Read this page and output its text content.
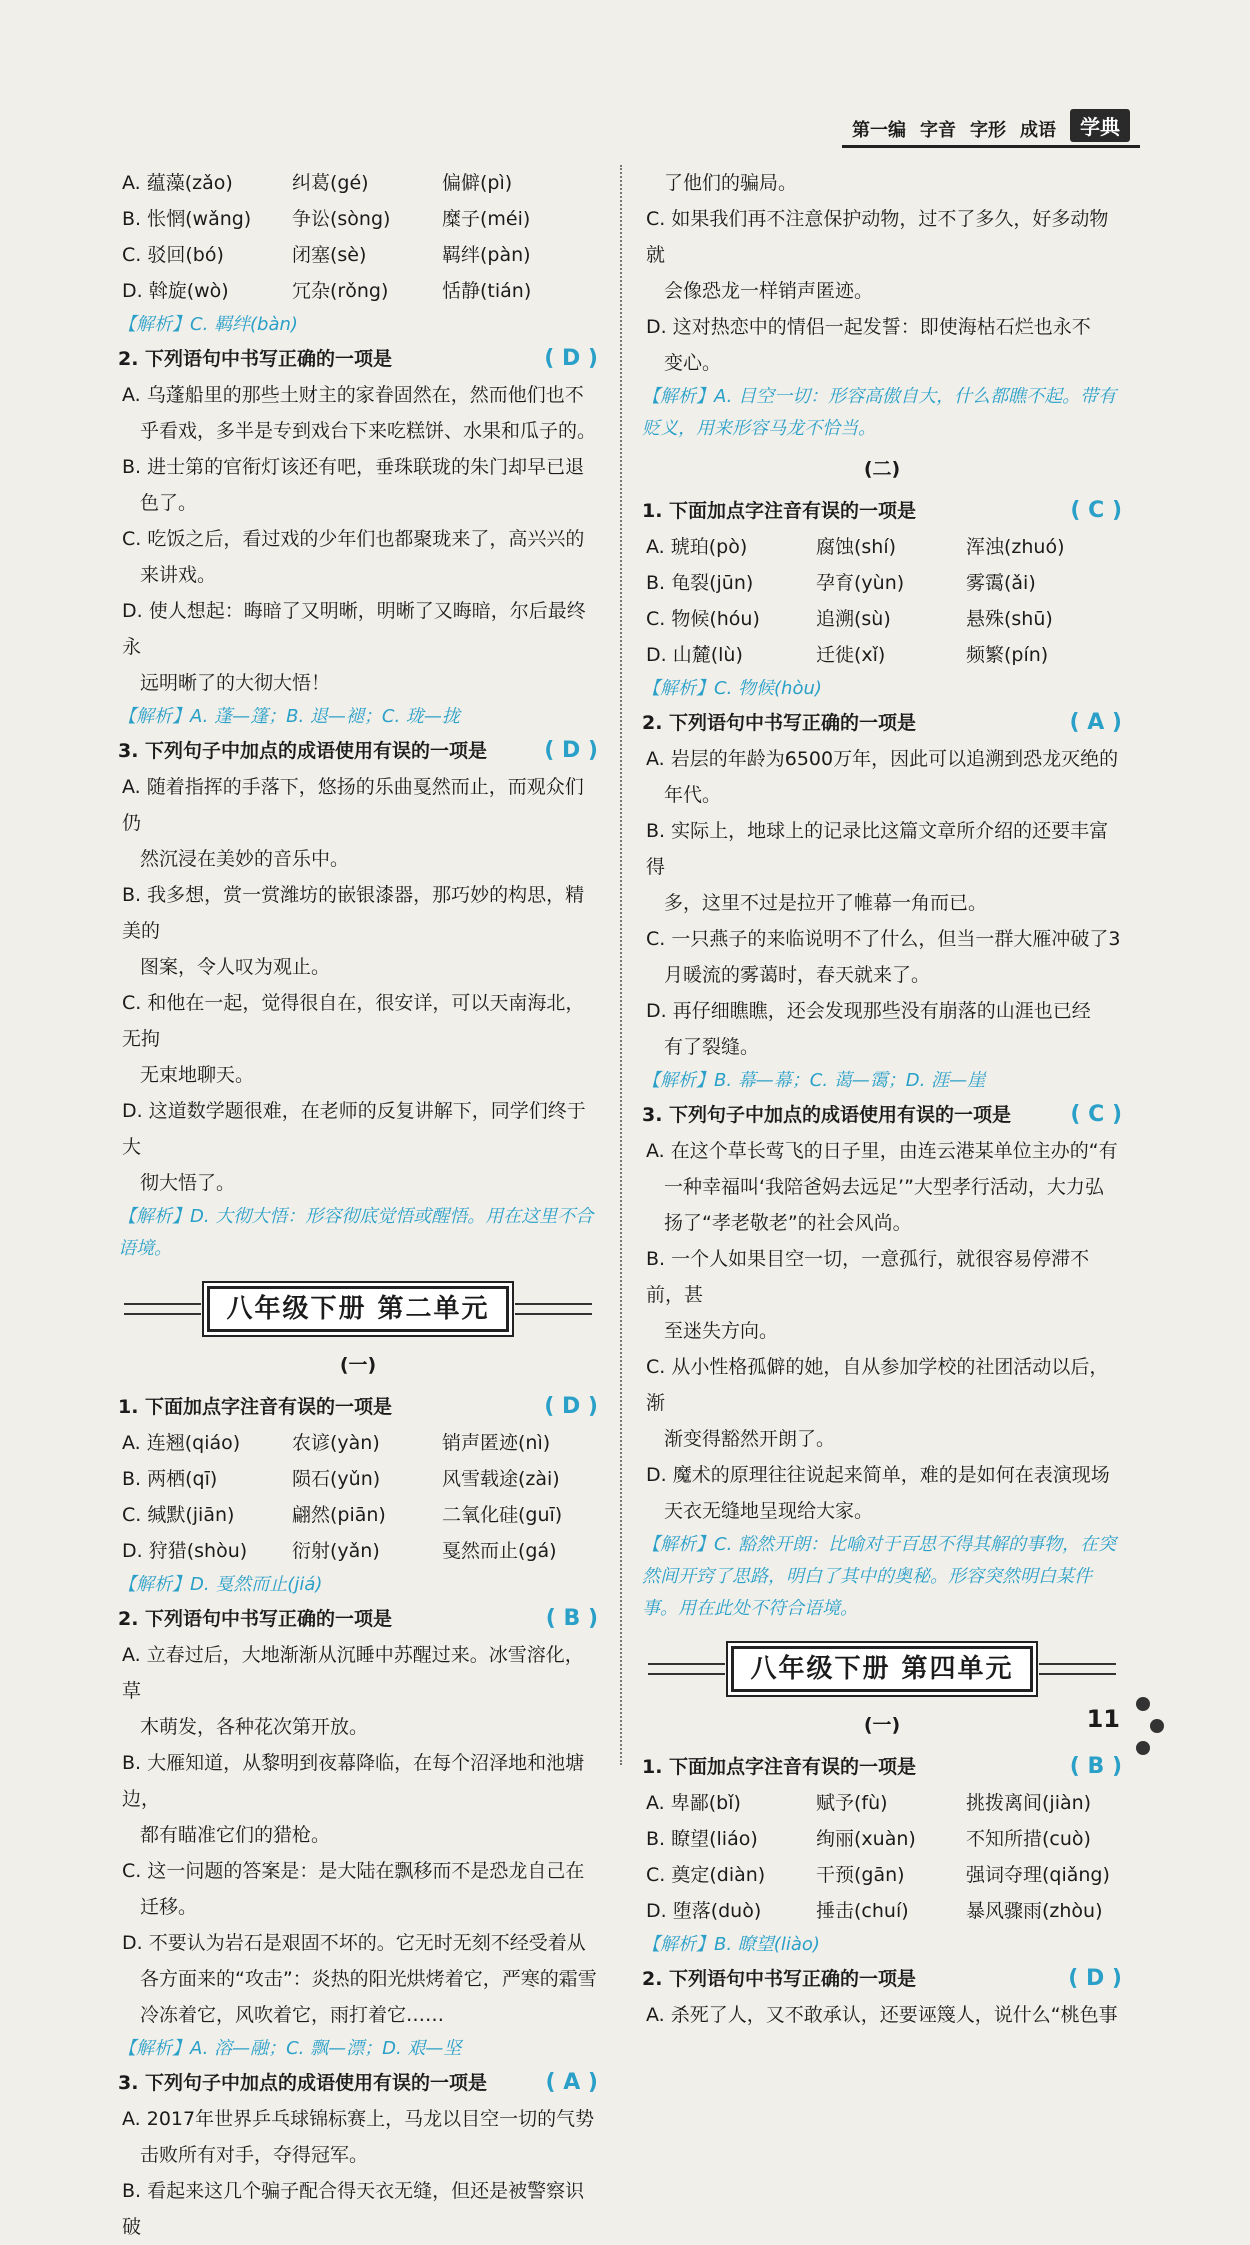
第一编 字音 字形 成语	学典
A. 蕴藻(zǎo)	纠葛(gé)	偏僻(pì)
B. 怅惘(wǎng)	争讼(sòng)	糜子(méi)
C. 驳回(bó)	闭塞(sè)	羁绊(pàn)
D. 斡旋(wò)	冗杂(rǒng)	恬静(tián)
【解析】C. 羁绊(bàn)
2. 下列语句中书写正确的一项是	( D )
A. 乌蓬船里的那些土财主的家眷固然在，然而他们也不
乎看戏，多半是专到戏台下来吃糕饼、水果和瓜子的。
B. 进士第的官衔灯该还有吧，垂珠联珑的朱门却早已退
色了。
C. 吃饭之后，看过戏的少年们也都聚珑来了，高兴兴的
来讲戏。
D. 使人想起：晦暗了又明晰，明晰了又晦暗，尔后最终永
远明晰了的大彻大悟！
【解析】A. 蓬—篷；B. 退—褪；C. 珑—拢
3. 下列句子中加点的成语使用有误的一项是	( D )
A. 随着指挥的手落下，悠扬的乐曲戛然而止，而观众们仍
然沉浸在美妙的音乐中。
B. 我多想，赏一赏潍坊的嵌银漆器，那巧妙的构思，精美的
图案，令人叹为观止。
C. 和他在一起，觉得很自在，很安详，可以天南海北，无拘
无束地聊天。
D. 这道数学题很难，在老师的反复讲解下，同学们终于大
彻大悟了。
【解析】D. 大彻大悟：形容彻底觉悟或醒悟。用在这里不合语境。
八年级下册 第二单元
(一)
1. 下面加点字注音有误的一项是	( D )
A. 连翘(qiáo)	农谚(yàn)	销声匿迹(nì)
B. 两栖(qī)	陨石(yǔn)	风雪载途(zài)
C. 缄默(jiān)	翩然(piān)	二氧化硅(guī)
D. 狩猎(shòu)	衍射(yǎn)	戛然而止(gá)
【解析】D. 戛然而止(jiá)
2. 下列语句中书写正确的一项是	( B )
A. 立春过后，大地渐渐从沉睡中苏醒过来。冰雪溶化，草
木萌发，各种花次第开放。
B. 大雁知道，从黎明到夜幕降临，在每个沼泽地和池塘边，
都有瞄准它们的猎枪。
C. 这一问题的答案是：是大陆在飘移而不是恐龙自己在
迁移。
D. 不要认为岩石是艰固不坏的。它无时无刻不经受着从
各方面来的“攻击”：炎热的阳光烘烤着它，严寒的霜雪
冷冻着它，风吹着它，雨打着它……
【解析】A. 溶—融；C. 飘—漂；D. 艰—坚
3. 下列句子中加点的成语使用有误的一项是	( A )
A. 2017年世界乒乓球锦标赛上，马龙以目空一切的气势
击败所有对手，夺得冠军。
B. 看起来这几个骗子配合得天衣无缝，但还是被警察识破
了他们的骗局。
C. 如果我们再不注意保护动物，过不了多久，好多动物就
会像恐龙一样销声匿迹。
D. 这对热恋中的情侣一起发誓：即使海枯石烂也永不
变心。
【解析】A. 目空一切：形容高傲自大，什么都瞧不起。带有贬义，用来形容马龙不恰当。
(二)
1. 下面加点字注音有误的一项是	( C )
A. 琥珀(pò)	腐蚀(shí)	浑浊(zhuó)
B. 龟裂(jūn)	孕育(yùn)	雾霭(ǎi)
C. 物候(hóu)	追溯(sù)	悬殊(shū)
D. 山麓(lù)	迁徙(xǐ)	频繁(pín)
【解析】C. 物候(hòu)
2. 下列语句中书写正确的一项是	( A )
A. 岩层的年龄为6500万年，因此可以追溯到恐龙灭绝的
年代。
B. 实际上，地球上的记录比这篇文章所介绍的还要丰富得
多，这里不过是拉开了帷幕一角而已。
C. 一只燕子的来临说明不了什么，但当一群大雁冲破了3
月暖流的雾蔼时，春天就来了。
D. 再仔细瞧瞧，还会发现那些没有崩落的山涯也已经
有了裂缝。
【解析】B. 幕—幕；C. 蔼—霭；D. 涯—崖
3. 下列句子中加点的成语使用有误的一项是	( C )
A. 在这个草长莺飞的日子里，由连云港某单位主办的“有
一种幸福叫‘我陪爸妈去远足’”大型孝行活动，大力弘
扬了“孝老敬老”的社会风尚。
B. 一个人如果目空一切，一意孤行，就很容易停滞不前，甚
至迷失方向。
C. 从小性格孤僻的她，自从参加学校的社团活动以后，渐
渐变得豁然开朗了。
D. 魔术的原理往往说起来简单，难的是如何在表演现场
天衣无缝地呈现给大家。
【解析】C. 豁然开朗：比喻对于百思不得其解的事物，在突然间开窍了思路，明白了其中的奥秘。形容突然明白某件事。用在此处不符合语境。
八年级下册 第四单元
(一)
1. 下面加点字注音有误的一项是	( B )
A. 卑鄙(bǐ)	赋予(fù)	挑拨离间(jiàn)
B. 瞭望(liáo)	绚丽(xuàn)	不知所措(cuò)
C. 奠定(diàn)	干预(gān)	强词夺理(qiǎng)
D. 堕落(duò)	捶击(chuí)	暴风骤雨(zhòu)
【解析】B. 瞭望(liào)
2. 下列语句中书写正确的一项是	( D )
A. 杀死了人，又不敢承认，还要诬篾人，说什么“桃色事
11
